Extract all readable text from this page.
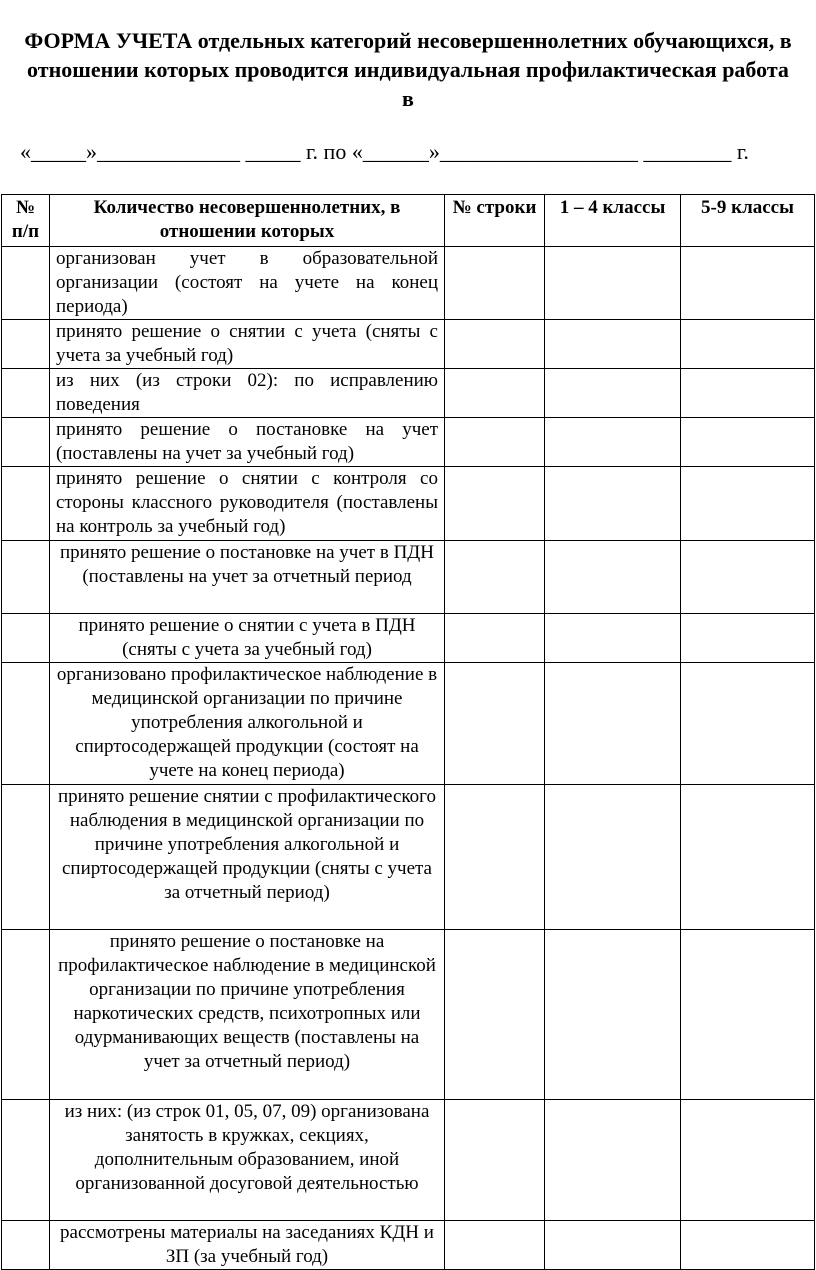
ФОРМА УЧЕТА отдельных категорий несовершеннолетних обучающихся, в отношении которых проводится индивидуальная профилактическая работа в
«_____»_____________ _____ г. по «______»__________________ ________ г.
№ п/п	Количество несовершеннолетних, в отношении которых	№ строки	1 – 4 классы	5-9 классы
	организован учет в образовательной организации (состоят на учете на конец периода)			
	принято решение о снятии с учета (сняты с учета за учебный год)			
	из них (из строки 02): по исправлению поведения			
	принято решение о постановке на учет (поставлены на учет за учебный год)			
	принято решение о снятии с контроля со стороны классного руководителя (поставлены на контроль за учебный год)			
	принято решение о постановке на учет в ПДН (поставлены на учет за отчетный период			
	принято решение о снятии с учета в ПДН (сняты с учета за учебный год)			
	организовано профилактическое наблюдение в медицинской организации по причине употребления алкогольной и спиртосодержащей продукции (состоят на учете на конец периода)			
	принято решение снятии с профилактического наблюдения в медицинской организации по причине употребления алкогольной и спиртосодержащей продукции (сняты с учета за отчетный период)			
	принято решение о постановке на профилактическое наблюдение в медицинской организации по причине употребления наркотических средств, психотропных или одурманивающих веществ (поставлены на учет за отчетный период)			
	из них: (из строк 01, 05, 07, 09) организована занятость в кружках, секциях, дополнительным образованием, иной организованной досуговой деятельностью			
	рассмотрены материалы на заседаниях КДН и ЗП (за учебный год)			
